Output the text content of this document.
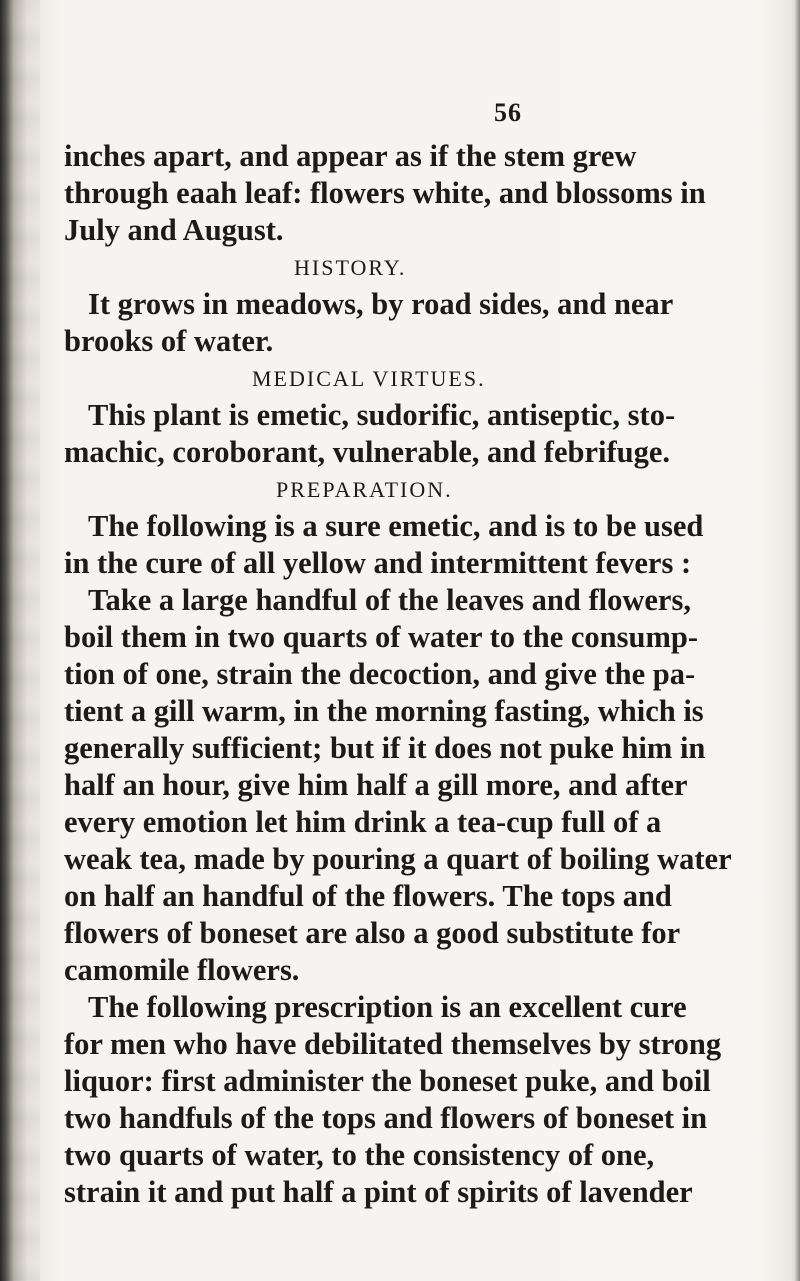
56
inches apart, and appear as if the stem grew
through eaah leaf: flowers white, and blossoms in
July and August.
HISTORY.
It grows in meadows, by road sides, and near
brooks of water.
MEDICAL VIRTUES.
This plant is emetic, sudorific, antiseptic, sto-
machic, coroborant, vulnerable, and febrifuge.
PREPARATION.
The following is a sure emetic, and is to be used
in the cure of all yellow and intermittent fevers :
Take a large handful of the leaves and flowers,
boil them in two quarts of water to the consump-
tion of one, strain the decoction, and give the pa-
tient a gill warm, in the morning fasting, which is
generally sufficient; but if it does not puke him in
half an hour, give him half a gill more, and after
every emotion let him drink a tea-cup full of a
weak tea, made by pouring a quart of boiling water
on half an handful of the flowers. The tops and
flowers of boneset are also a good substitute for
camomile flowers.
The following prescription is an excellent cure
for men who have debilitated themselves by strong
liquor: first administer the boneset puke, and boil
two handfuls of the tops and flowers of boneset in
two quarts of water, to the consistency of one,
strain it and put half a pint of spirits of lavender
